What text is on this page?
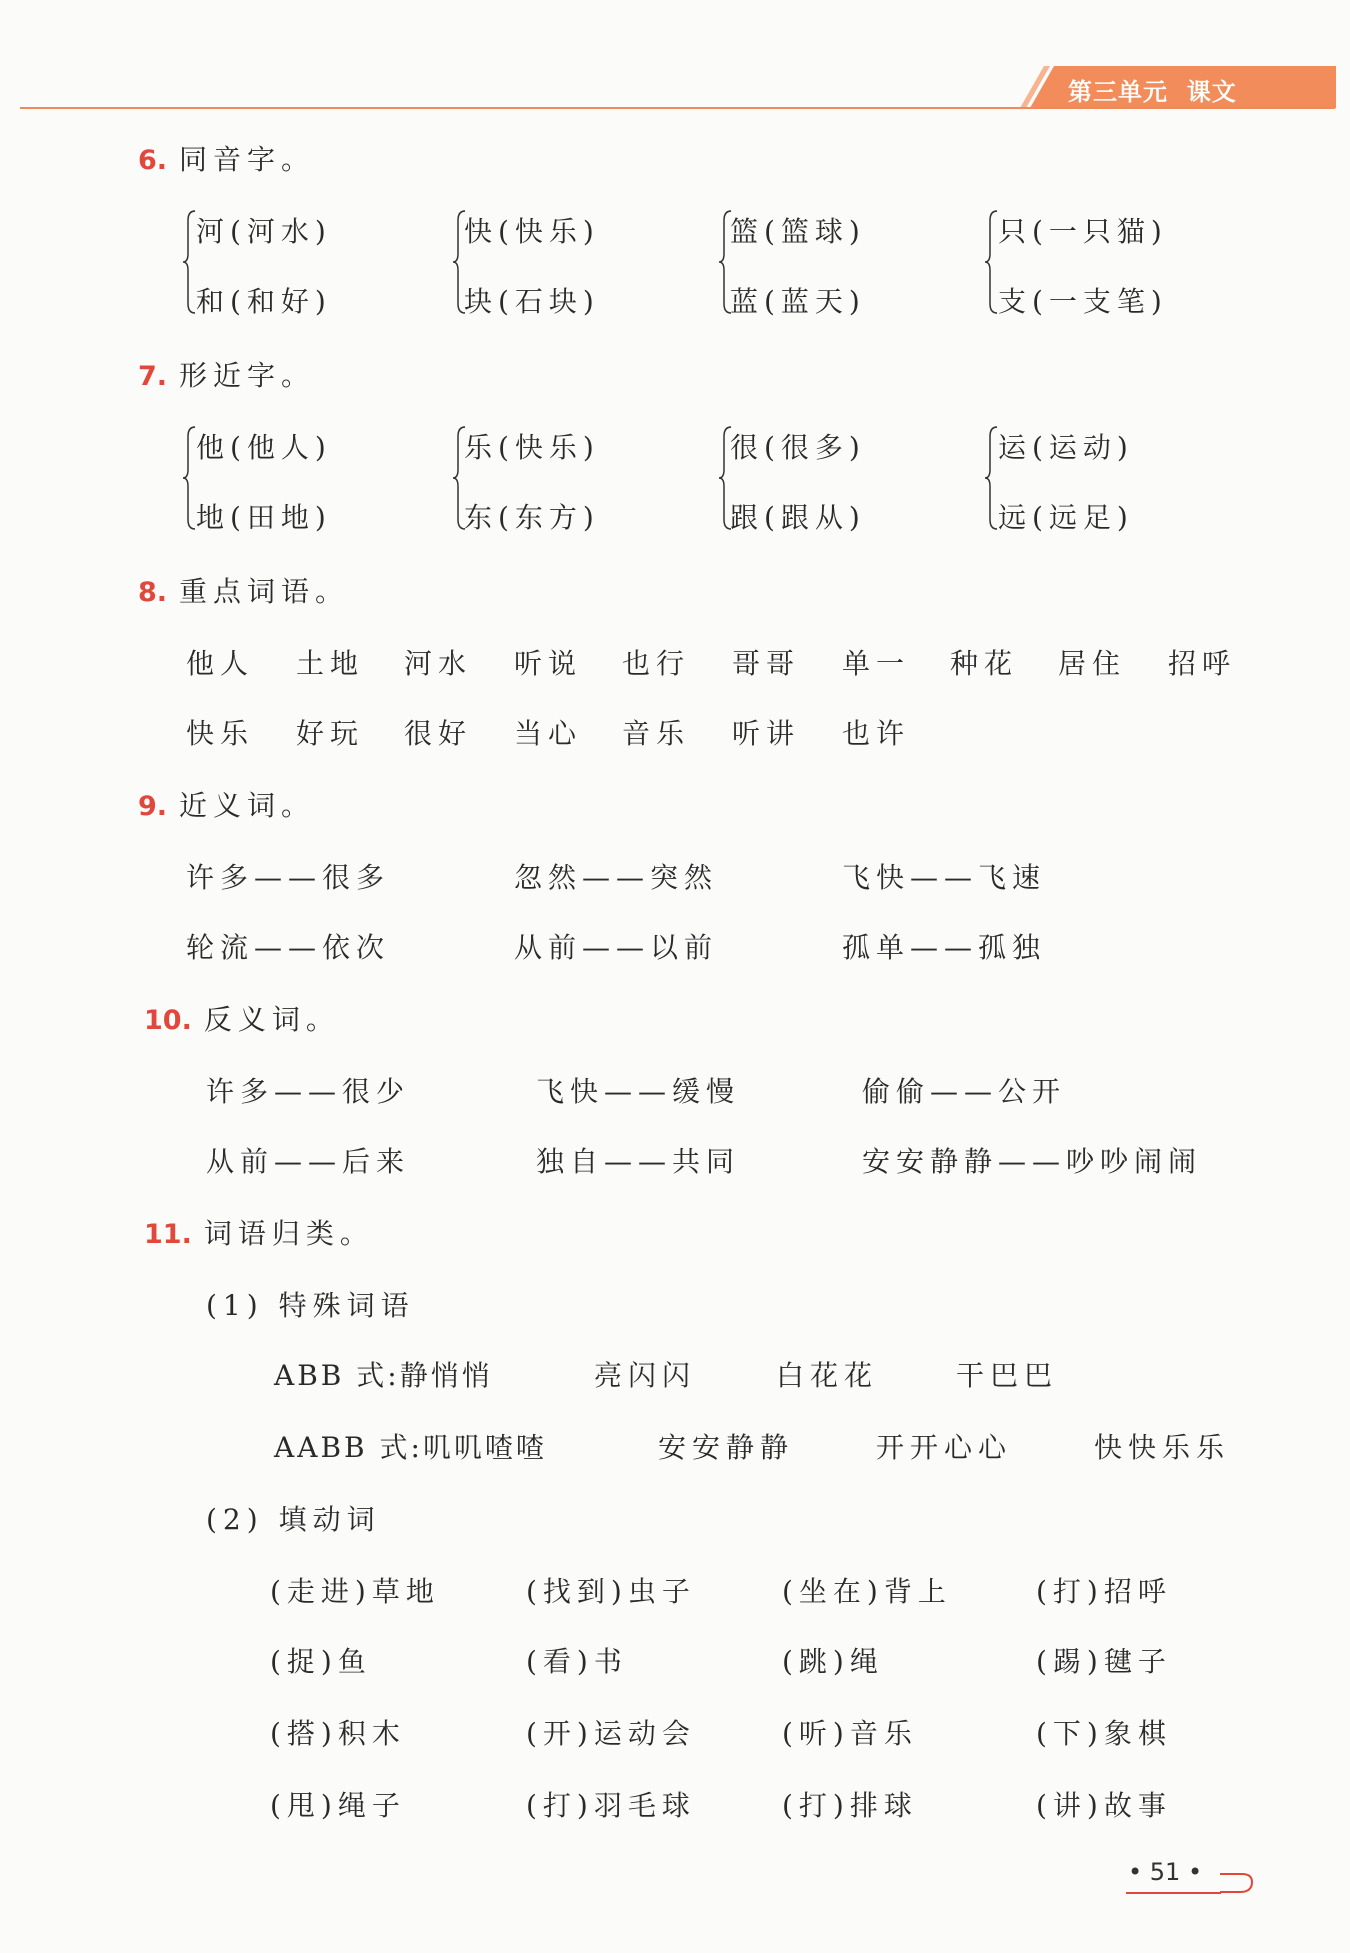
第三单元  课文
6. 同音字。
河(河水)
和(和好)
快(快乐)
块(石块)
篮(篮球)
蓝(蓝天)
只(一只猫)
支(一支笔)
7. 形近字。
他(他人)
地(田地)
乐(快乐)
东(东方)
很(很多)
跟(跟从)
运(运动)
远(远足)
8. 重点词语。
他人 土地 河水 听说 也行 哥哥 单一 种花 居住 招呼
快乐 好玩 很好 当心 音乐 听讲 也许
9. 近义词。
许多——很多	忽然——突然	飞快——飞速
轮流——依次	从前——以前	孤单——孤独
10. 反义词。
许多——很少	飞快——缓慢	偷偷——公开
从前——后来	独自——共同	安安静静——吵吵闹闹
11. 词语归类。
(1) 特殊词语
ABB 式:静悄悄	亮闪闪	白花花	干巴巴
AABB 式:叽叽喳喳	安安静静	开开心心	快快乐乐
(2) 填动词
(走进)草地	(找到)虫子	(坐在)背上	(打)招呼
(捉)鱼	(看)书	(跳)绳	(踢)毽子
(搭)积木	(开)运动会	(听)音乐	(下)象棋
(甩)绳子	(打)羽毛球	(打)排球	(讲)故事
• 51 •
